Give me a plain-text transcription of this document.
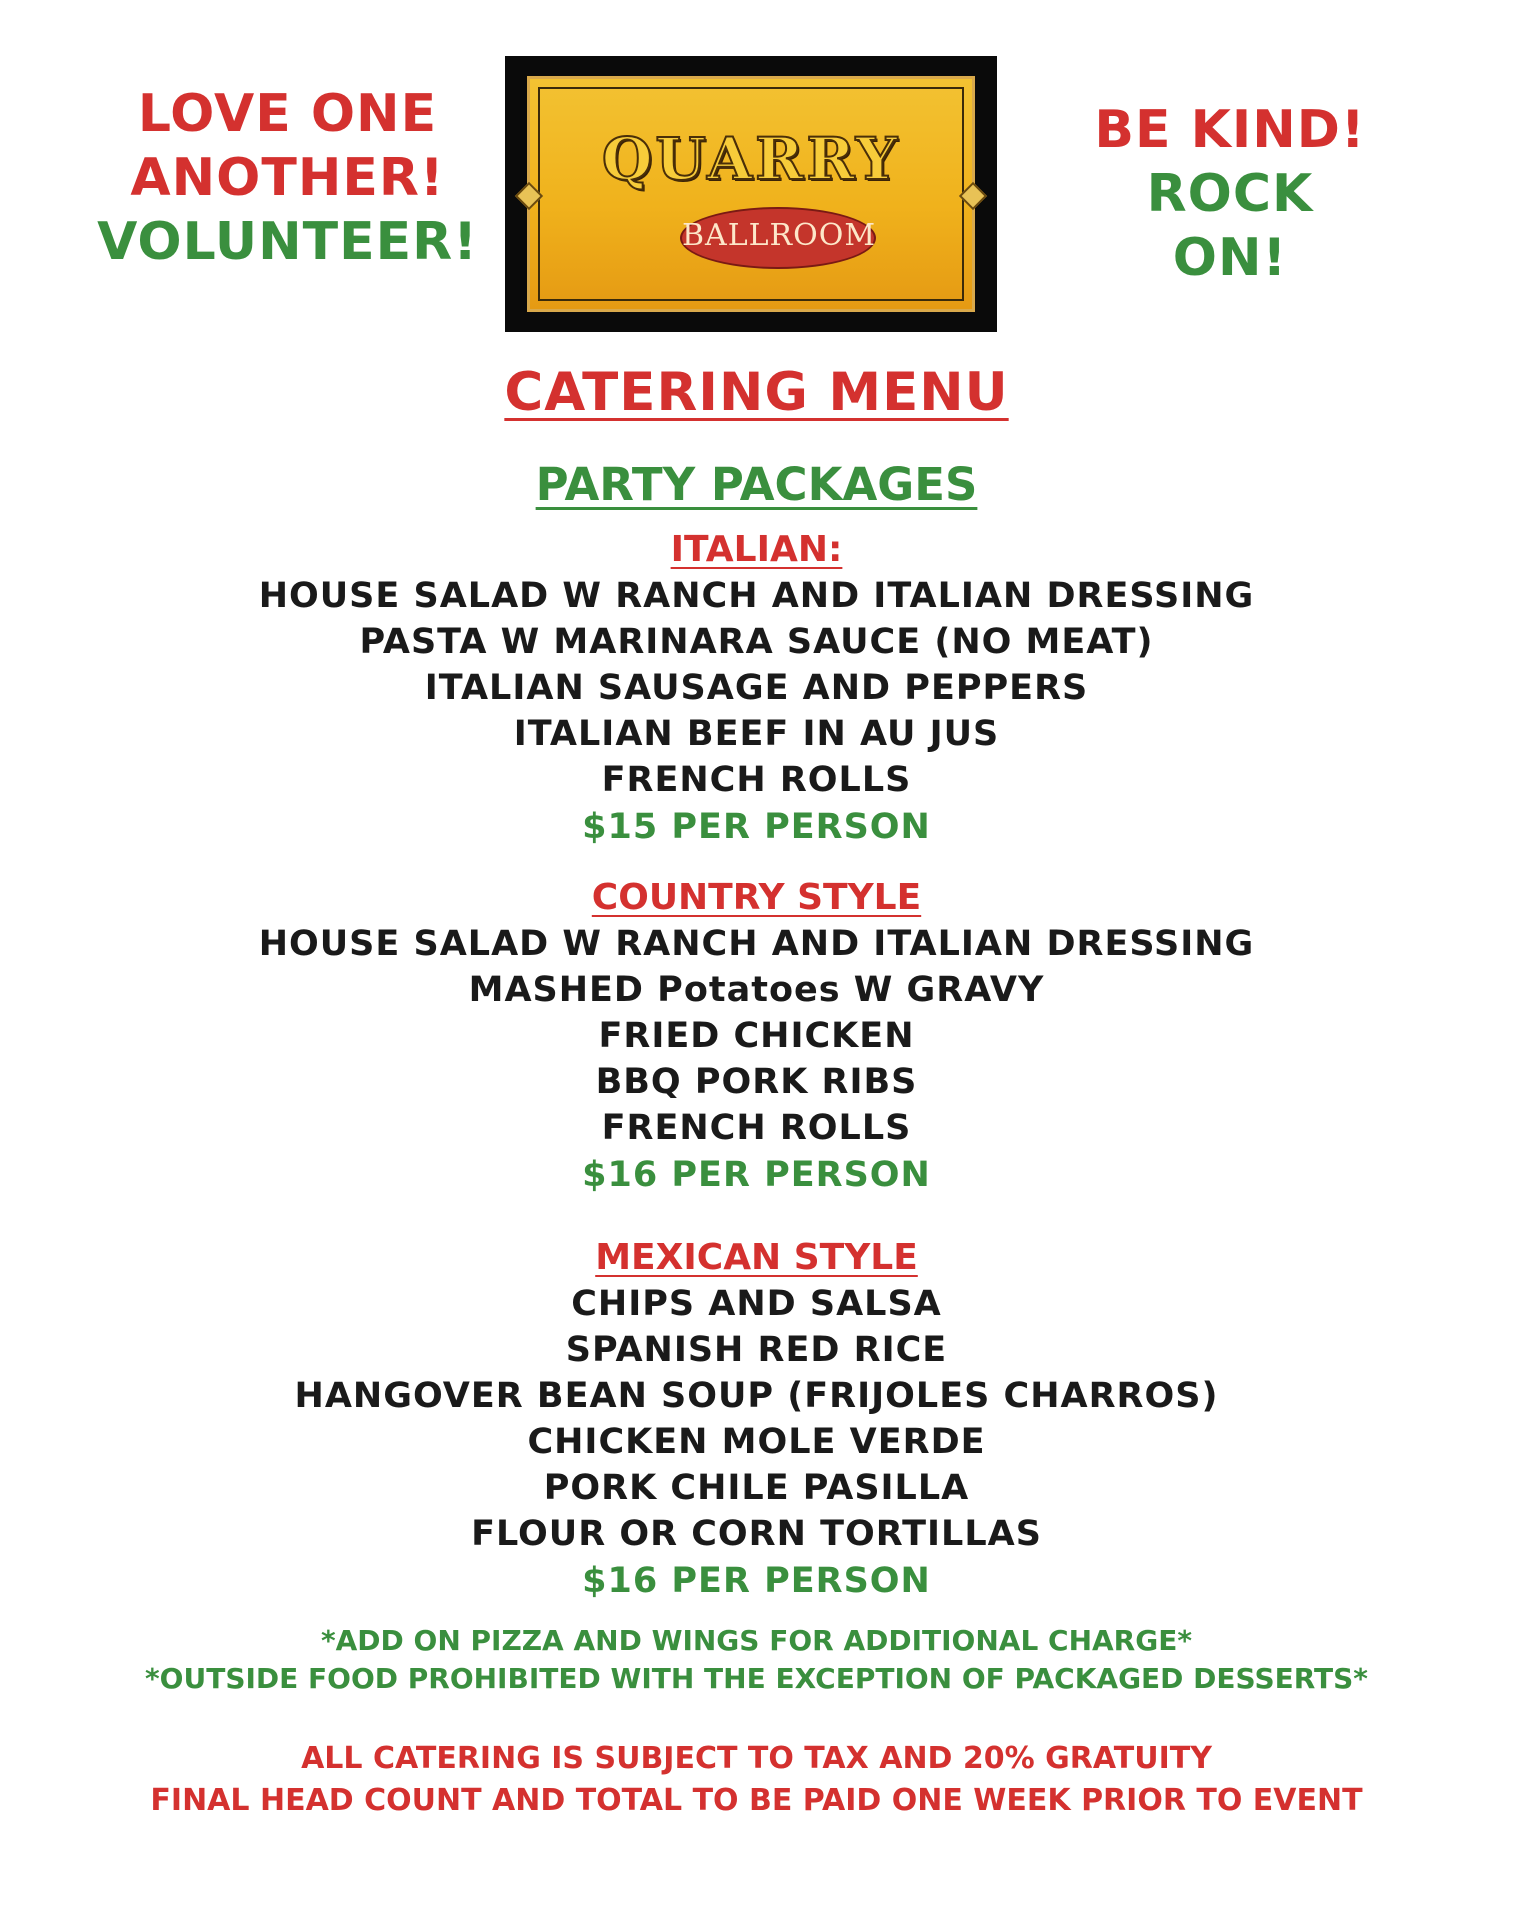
LOVE ONE
ANOTHER!
VOLUNTEER!
QUARRY
BALLROOM
BE KIND!
ROCK ON!
CATERING MENU
PARTY PACKAGES
ITALIAN:
HOUSE SALAD W RANCH AND ITALIAN DRESSING
PASTA W MARINARA SAUCE (NO MEAT)
ITALIAN SAUSAGE AND PEPPERS
ITALIAN BEEF IN AU JUS
FRENCH ROLLS
$15 PER PERSON
COUNTRY STYLE
HOUSE SALAD W RANCH AND ITALIAN DRESSING
MASHED Potatoes W GRAVY
FRIED CHICKEN
BBQ PORK RIBS
FRENCH ROLLS
$16 PER PERSON
MEXICAN STYLE
CHIPS AND SALSA
SPANISH RED RICE
HANGOVER BEAN SOUP (FRIJOLES CHARROS)
CHICKEN MOLE VERDE
PORK CHILE PASILLA
FLOUR OR CORN TORTILLAS
$16 PER PERSON
*ADD ON PIZZA AND WINGS FOR ADDITIONAL CHARGE*
*OUTSIDE FOOD PROHIBITED WITH THE EXCEPTION OF PACKAGED DESSERTS*
ALL CATERING IS SUBJECT TO TAX AND 20% GRATUITY
FINAL HEAD COUNT AND TOTAL TO BE PAID ONE WEEK PRIOR TO EVENT
